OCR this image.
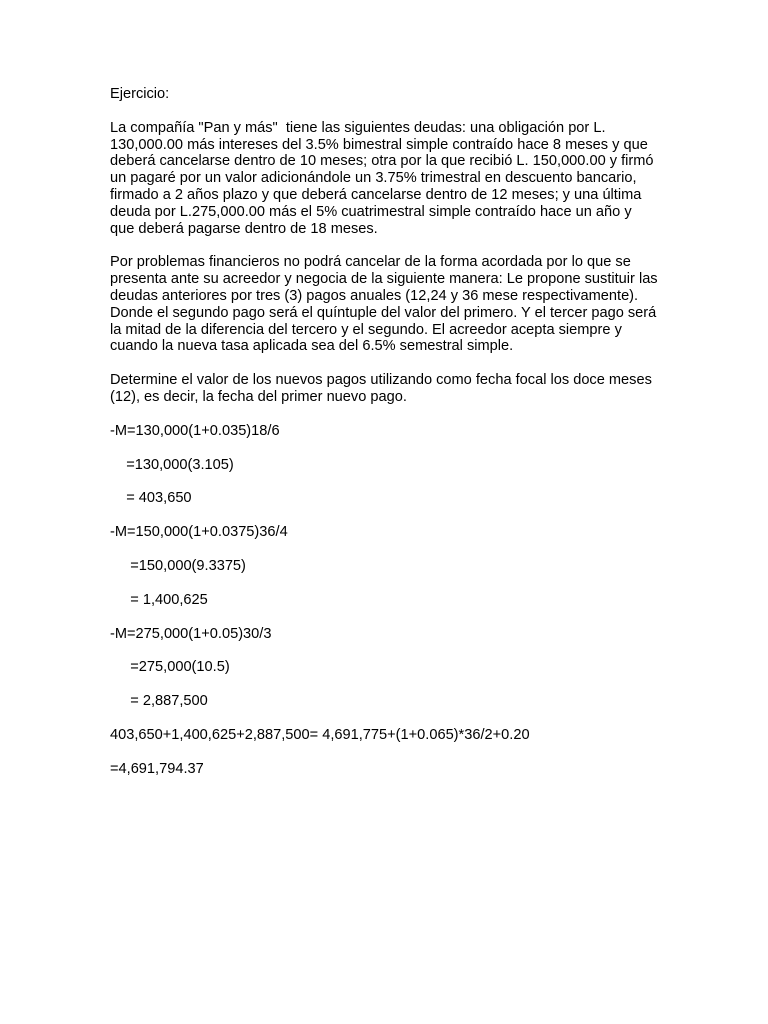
Ejercicio:

La compañía "Pan y más"  tiene las siguientes deudas: una obligación por L. 130,000.00 más intereses del 3.5% bimestral simple contraído hace 8 meses y que deberá cancelarse dentro de 10 meses; otra por la que recibió L. 150,000.00 y firmó un pagaré por un valor adicionándole un 3.75% trimestral en descuento bancario, firmado a 2 años plazo y que deberá cancelarse dentro de 12 meses; y una última deuda por L.275,000.00 más el 5% cuatrimestral simple contraído hace un año y que deberá pagarse dentro de 18 meses.

Por problemas financieros no podrá cancelar de la forma acordada por lo que se presenta ante su acreedor y negocia de la siguiente manera: Le propone sustituir las deudas anteriores por tres (3) pagos anuales (12,24 y 36 mese respectivamente). Donde el segundo pago será el quíntuple del valor del primero. Y el tercer pago será la mitad de la diferencia del tercero y el segundo. El acreedor acepta siempre y cuando la nueva tasa aplicada sea del 6.5% semestral simple.

Determine el valor de los nuevos pagos utilizando como fecha focal los doce meses (12), es decir, la fecha del primer nuevo pago.

-M=130,000(1+0.035)18/6

=130,000(3.105)

= 403,650

-M=150,000(1+0.0375)36/4

=150,000(9.3375)

= 1,400,625

-M=275,000(1+0.05)30/3

=275,000(10.5)

= 2,887,500

403,650+1,400,625+2,887,500= 4,691,775+(1+0.065)*36/2+0.20

=4,691,794.37
